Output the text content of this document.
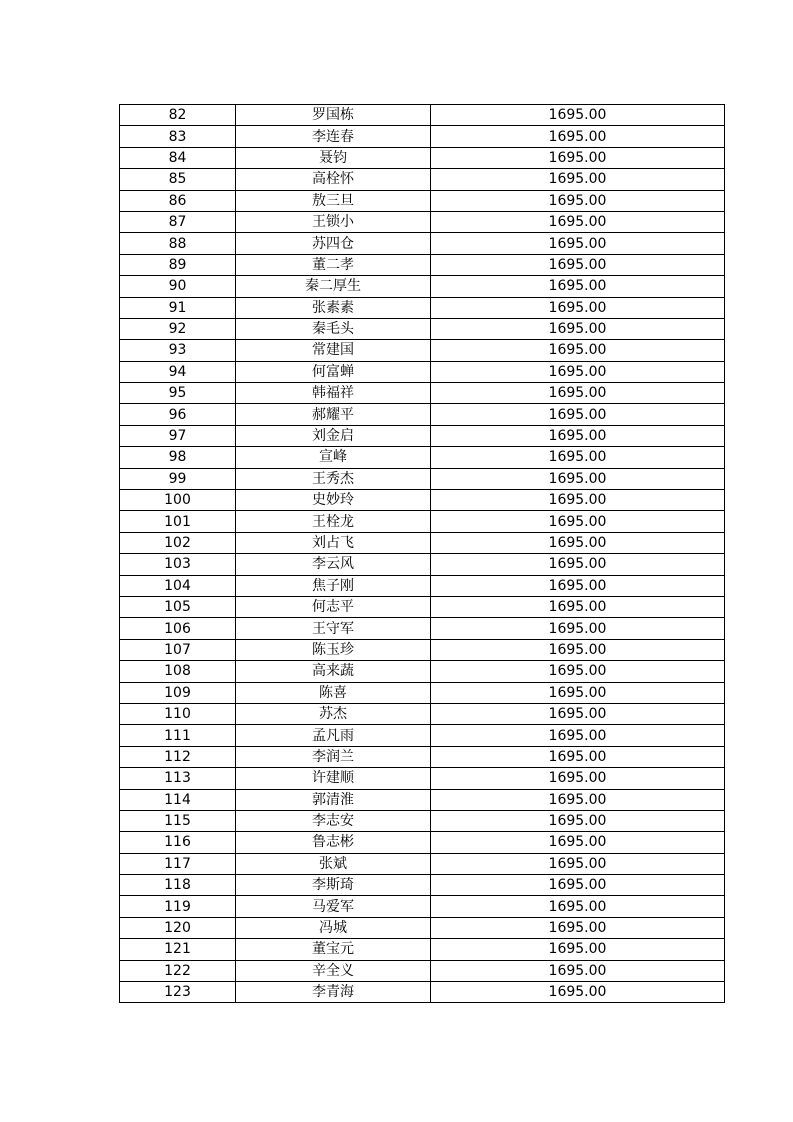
82	罗国栋	1695.00
83	李连春	1695.00
84	聂钧	1695.00
85	高栓怀	1695.00
86	敖三旦	1695.00
87	王锁小	1695.00
88	苏四仓	1695.00
89	董二孝	1695.00
90	秦二厚生	1695.00
91	张素素	1695.00
92	秦毛头	1695.00
93	常建国	1695.00
94	何富蝉	1695.00
95	韩福祥	1695.00
96	郝耀平	1695.00
97	刘金启	1695.00
98	宣峰	1695.00
99	王秀杰	1695.00
100	史妙玲	1695.00
101	王栓龙	1695.00
102	刘占飞	1695.00
103	李云风	1695.00
104	焦子刚	1695.00
105	何志平	1695.00
106	王守军	1695.00
107	陈玉珍	1695.00
108	高来蔬	1695.00
109	陈喜	1695.00
110	苏杰	1695.00
111	孟凡雨	1695.00
112	李润兰	1695.00
113	许建顺	1695.00
114	郭清淮	1695.00
115	李志安	1695.00
116	鲁志彬	1695.00
117	张斌	1695.00
118	李斯琦	1695.00
119	马爱军	1695.00
120	冯城	1695.00
121	董宝元	1695.00
122	辛全义	1695.00
123	李青海	1695.00
